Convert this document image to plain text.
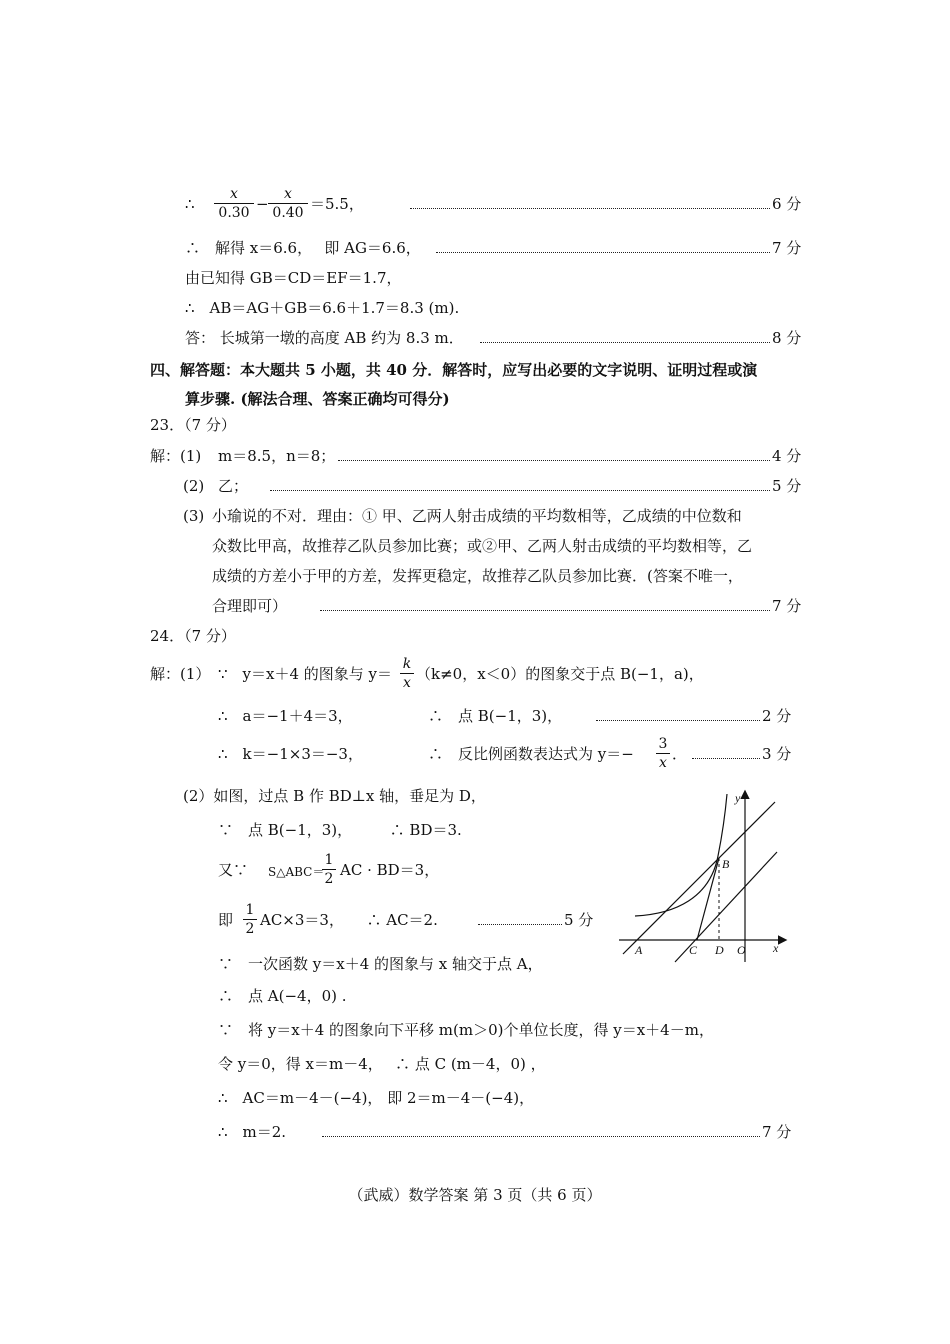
∴
x
0.30 −
x
0.40 ＝5.5，	6 分
∴　解得 x＝6.6，　 即 AG＝6.6，	7 分
由已知得 GB＝CD＝EF＝1.7，
∴　AB＝AG＋GB＝6.6＋1.7＝8.3 (m).
答： 长城第一墩的高度 AB 约为 8.3 m．	8 分
四、解答题：本大题共 5 小题，共 40 分．解答时，应写出必要的文字说明、证明过程或演
算步骤. (解法合理、答案正确均可得分)
23．（7 分）
解：(1) m＝8.5，n＝8；	4 分
(2) 乙；	5 分
(3) 小瑜说的不对．理由：① 甲、乙两人射击成绩的平均数相等，乙成绩的中位数和
众数比甲高，故推荐乙队员参加比赛；或②甲、乙两人射击成绩的平均数相等，乙
成绩的方差小于甲的方差，发挥更稳定，故推荐乙队员参加比赛．(答案不唯一，
合理即可）	7 分
24．（7 分）
解：(1） ∵　y＝x＋4 的图象与 y＝
k
x （k≠0，x＜0）的图象交于点 B(−1，a)，
∴　a＝−1＋4＝3，	∴　点 B(−1，3)，	2 分
∴　k＝−1×3＝−3，	∴　反比例函数表达式为 y＝−
3
x ．	3 分
(2）如图，过点 B 作 BD⊥x 轴，垂足为 D，
∵　点 B(−1，3)，　　　∴ BD＝3.
又∵ S△ABC＝
1
2 AC · BD＝3，
即
1
2 AC×3＝3，　　∴ AC＝2.	5 分
∵　一次函数 y＝x＋4 的图象与 x 轴交于点 A，
∴　点 A(−4，0) .
∵　将 y＝x＋4 的图象向下平移 m(m＞0)个单位长度，得 y＝x＋4－m，
令 y＝0，得 x＝m－4，　 ∴ 点 C (m－4，0) ，
∴　AC＝m－4－(−4)， 即 2＝m－4－(−4)，
∴　m＝2.	7 分
y
x
A	C D O
B
（武威）数学答案 第 3 页（共 6 页）
